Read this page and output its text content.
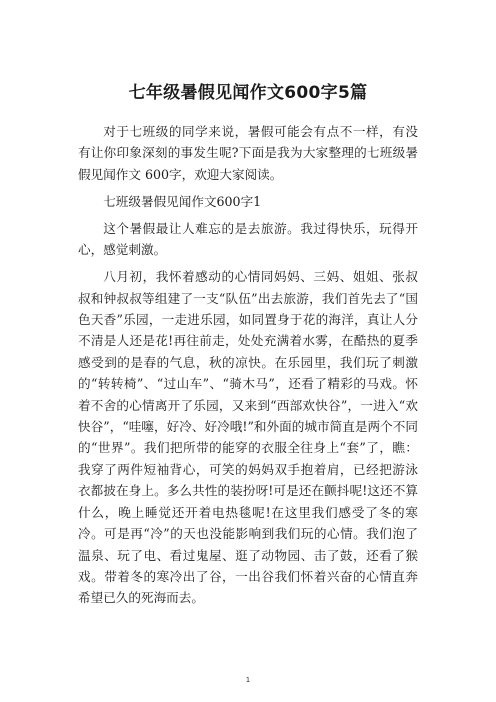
七年级暑假见闻作文600字5篇

对于七班级的同学来说，暑假可能会有点不一样，有没有让你印象深刻的事发生呢?下面是我为大家整理的七班级暑假见闻作文 600字，欢迎大家阅读。

七班级暑假见闻作文600字1

这个暑假最让人难忘的是去旅游。我过得快乐，玩得开心，感觉刺激。

八月初，我怀着感动的心情同妈妈、三妈、姐姐、张叔叔和钟叔叔等组建了一支“队伍”出去旅游，我们首先去了“国色天香”乐园，一走进乐园，如同置身于花的海洋，真让人分不清是人还是花!再往前走，处处充满着水雾，在酷热的夏季感受到的是春的气息，秋的凉快。在乐园里，我们玩了刺激的“转转椅”、“过山车”、“骑木马”，还看了精彩的马戏。怀着不舍的心情离开了乐园，又来到“西部欢快谷”，一进入“欢快谷”，“哇噻，好冷、好冷哦!”和外面的城市简直是两个不同的“世界”。我们把所带的能穿的衣服全往身上“套”了，瞧：我穿了两件短袖背心，可笑的妈妈双手抱着肩，已经把游泳衣都披在身上。多么共性的装扮呀!可是还在颤抖呢!这还不算什么，晚上睡觉还开着电热毯呢!在这里我们感受了冬的寒冷。可是再“冷”的天也没能影响到我们玩的心情。我们泡了温泉、玩了电、看过鬼屋、逛了动物园、击了鼓，还看了猴戏。带着冬的寒冷出了谷，一出谷我们怀着兴奋的心情直奔希望已久的死海而去。

1
